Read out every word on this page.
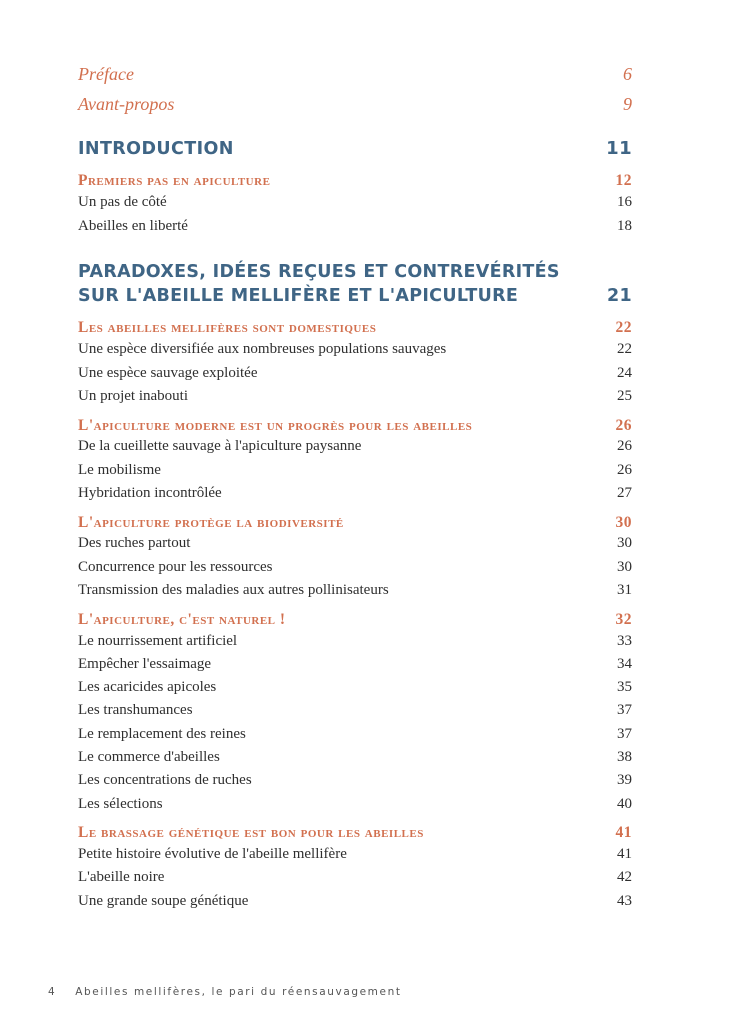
Préface	6
Avant-propos	9
INTRODUCTION	11
Premiers pas en apiculture	12
Un pas de côté	16
Abeilles en liberté	18
PARADOXES, IDÉES REÇUES ET CONTREVÉRITÉS
SUR L'ABEILLE MELLIFÈRE ET L'APICULTURE	21
Les abeilles mellifères sont domestiques	22
Une espèce diversifiée aux nombreuses populations sauvages	22
Une espèce sauvage exploitée	24
Un projet inabouti	25
L'apiculture moderne est un progrès pour les abeilles	26
De la cueillette sauvage à l'apiculture paysanne	26
Le mobilisme	26
Hybridation incontrôlée	27
L'apiculture protège la biodiversité	30
Des ruches partout	30
Concurrence pour les ressources	30
Transmission des maladies aux autres pollinisateurs	31
L'apiculture, c'est naturel !	32
Le nourrissement artificiel	33
Empêcher l'essaimage	34
Les acaricides apicoles	35
Les transhumances	37
Le remplacement des reines	37
Le commerce d'abeilles	38
Les concentrations de ruches	39
Les sélections	40
Le brassage génétique est bon pour les abeilles	41
Petite histoire évolutive de l'abeille mellifère	41
L'abeille noire	42
Une grande soupe génétique	43
4 Abeilles mellifères, le pari du réensauvagement
